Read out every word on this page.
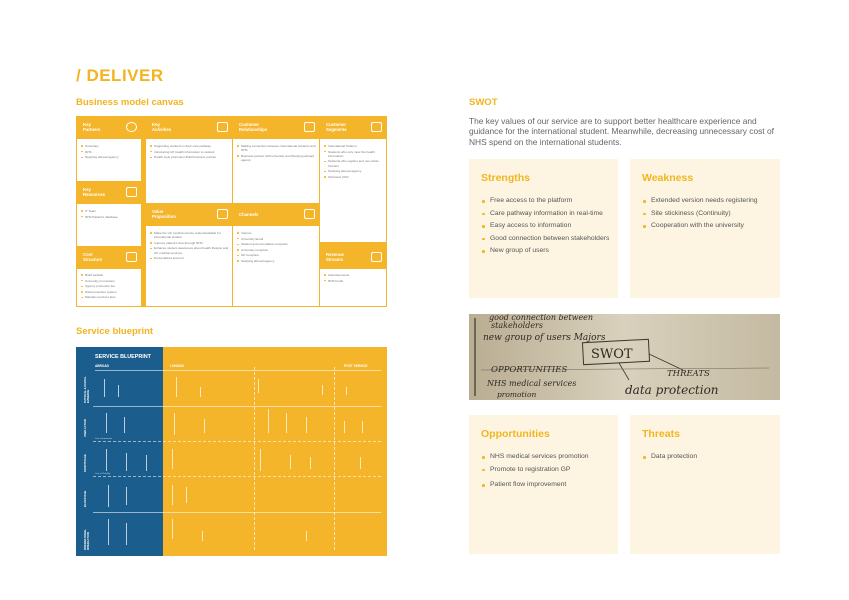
/ DELIVER
Business model canvas
Key
Partners
University
NHS
Studying abroad agency
Key
Resources
IT Team
NHS Patient's database
Cost
Structure
Build website
University promotions
Agency promotion fee
Data protection system
Maintain services fees
Key
Activities
Supporting students in their care pathway
Introducing UK health information to student
Health style promotion Build business partner
Value
Proposition
Make the UK medical service understandable for international student
Improve patient's flow through NHS
Enhance student awareness about health lifestyle and UK medical services
Personalized account
Customer
Relationships
Making connection between international students and NHS
Business partner with university and Studying abroad agency
Channels
Internet
University Email
Student accommodation reception
University reception
GP reception
Studying abroad agency
Customer
Segments
International Student
Students who only view the health information
Students who register and use whole function
Studying abroad agency
Clinicians (GP)
Revenue
Streams
Advertisements
NHS funds
Service blueprint
SERVICE BLUEPRINT
ABROAD	LONDON	POST SERVICE
Line of interaction
Line of Visibility
PHYSICAL & DIGITAL EVIDENCE
USER ACTION
FRONTSTAGE
BACKSTAGE
INTERNATIONAL INTERACTION
SWOT

The key values of our service are to support better healthcare experience and guidance for the international student. Meanwhile, decreasing unnecessary cost of NHS spend on the international students.

Strengths
Free access to the platform
Care pathway information in real-time
Easy access to information
Good connection between stakeholders
New group of users
Weakness
Extended version needs registering
Site stickiness (Continuity)
Cooperation with the university
good connection between
stakeholders
new group of users Majors
SWOT
OPPORTUNITIES	THREATS
NHS medical services
promotion	data protection
Opportunities
NHS medical services promotion
Promote to registration GP
Patient flow improvement
Threats
Data protection
